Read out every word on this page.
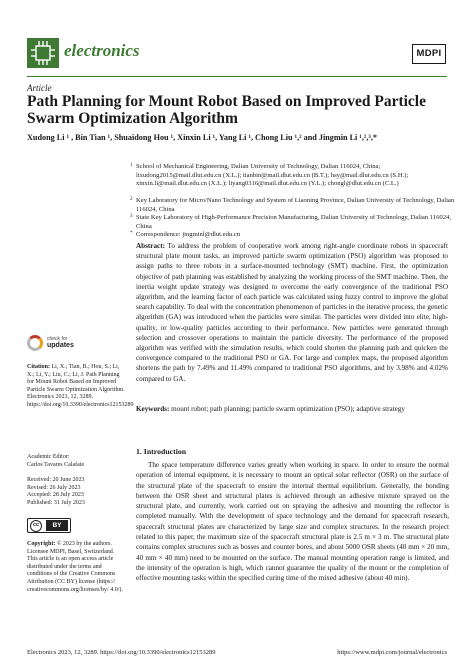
electronics	MDPI
Article
Path Planning for Mount Robot Based on Improved Particle Swarm Optimization Algorithm
Xudong Li ¹ , Bin Tian ¹, Shuaidong Hou ¹, Xinxin Li ¹, Yang Li ¹, Chong Liu ¹,² and Jingmin Li ¹,²,³,*
1 School of Mechanical Engineering, Dalian University of Technology, Dalian 116024, China; lixudong2015@mail.dlut.edu.cn (X.L.); tianbin@mail.dlut.edu.cn (B.T.); hsy@mail.dlut.edu.cn (S.H.); xinxin.li@mail.dlut.edu.cn (X.L.); liyang0316@mail.dlut.edu.cn (Y.L.); chongl@dlut.edu.cn (C.L.)
2 Key Laboratory for Micro/Nano Technology and System of Liaoning Province, Dalian University of Technology, Dalian 116024, China
3 State Key Laboratory of High-Performance Precision Manufacturing, Dalian University of Technology, Dalian 116024, China
* Correspondence: jingminl@dlut.edu.cn
Abstract: To address the problem of cooperative work among right-angle coordinate robots in spacecraft structural plate mount tasks, an improved particle swarm optimization (PSO) algorithm was proposed to assign paths to three robots in a surface-mounted technology (SMT) machine. First, the optimization objective of path planning was established by analyzing the working process of the SMT machine. Then, the inertia weight update strategy was designed to overcome the early convergence of the traditional PSO algorithm, and the learning factor of each particle was calculated using fuzzy control to improve the global search capability. To deal with the concentration phenomenon of particles in the iterative process, the genetic algorithm (GA) was introduced when the particles were similar. The particles were divided into elite, high-quality, or low-quality particles according to their performance. New particles were generated through selection and crossover operations to maintain the particle diversity. The performance of the proposed algorithm was verified with the simulation results, which could shorten the planning path and quicken the convergence compared to the traditional PSO or GA. For large and complex maps, the proposed algorithm shortens the path by 7.49% and 11.49% compared to traditional PSO algorithms, and by 3.98% and 4.02% compared to GA.
Keywords: mount robot; path planning; particle swarm optimization (PSO); adaptive strategy
check for
updates
Citation: Li, X.; Tian, B.; Hou, S.; Li, X.; Li, Y.; Liu, C.; Li, J. Path Planning for Mount Robot Based on Improved Particle Swarm Optimization Algorithm. Electronics 2023, 12, 3289. https://doi.org/10.3390/electronics12153289
Academic Editor:
Carlos Tavares Calafate
Received: 20 June 2023
Revised: 26 July 2023
Accepted: 28 July 2023
Published: 31 July 2023
cc	BY
Copyright: © 2023 by the authors. Licensee MDPI, Basel, Switzerland. This article is an open access article distributed under the terms and conditions of the Creative Commons Attribution (CC BY) license (https:// creativecommons.org/licenses/by/ 4.0/).
1. Introduction
The space temperature difference varies greatly when working in space. In order to ensure the normal operation of internal equipment, it is necessary to mount an optical solar reflector (OSR) on the surface of the structural plate of the spacecraft to ensure the internal thermal equilibrium. Generally, the bonding between the OSR sheet and structural plates is achieved through an adhesive mixture sprayed on the structural plate, and currently, work carried out on spraying the adhesive and mounting the reflector is completed manually. With the development of space technology and the demand for spacecraft research, spacecraft structural plates are characterized by large size and complex structures. In the research project related to this paper, the maximum size of the spacecraft structural plate is 2.5 m × 3 m. The structural plate contains complex structures such as bosses and counter bores, and about 5000 OSR sheets (40 mm × 20 mm, 40 mm × 40 mm) need to be mounted on the surface. The manual mounting operation range is limited, and the intensity of the operation is high, which cannot guarantee the quality of the mount or the completion of effective mounting tasks within the specified curing time of the mixed adhesive (about 40 min).
Electronics 2023, 12, 3289. https://doi.org/10.3390/electronics12153289	https://www.mdpi.com/journal/electronics
